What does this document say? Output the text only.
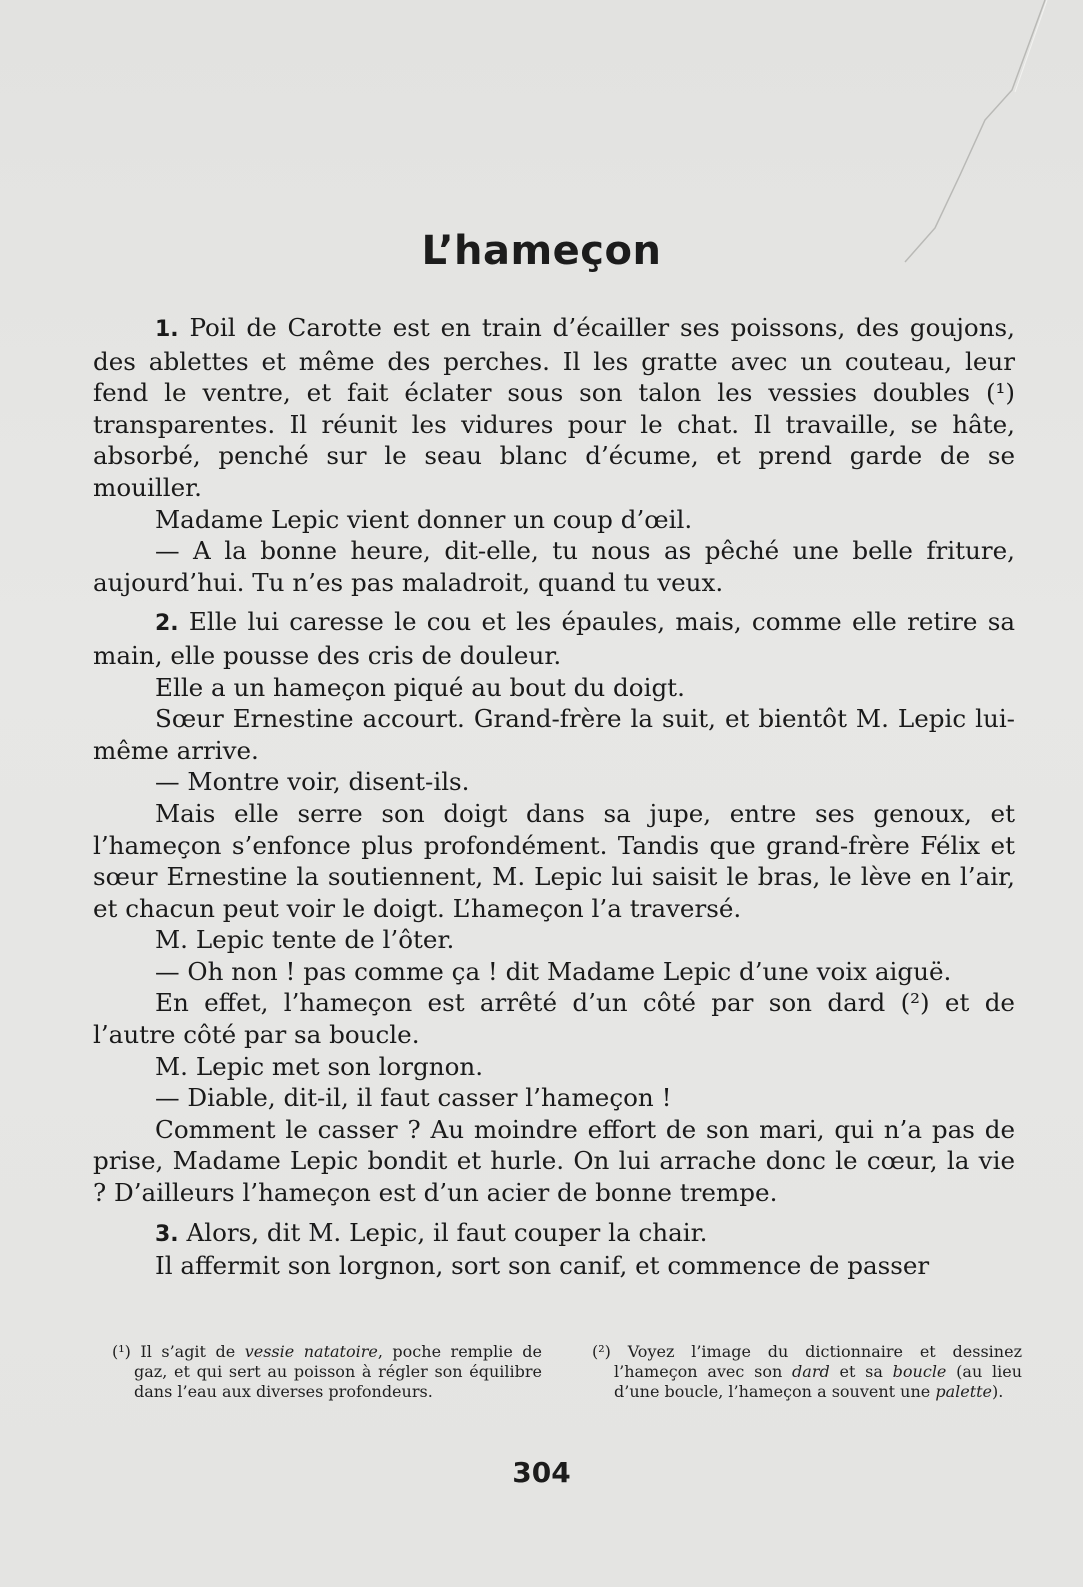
L’hameçon

1. Poil de Carotte est en train d’écailler ses poissons, des goujons, des ablettes et même des perches. Il les gratte avec un couteau, leur fend le ventre, et fait éclater sous son talon les vessies doubles (¹) transparentes. Il réunit les vidures pour le chat. Il travaille, se hâte, absorbé, penché sur le seau blanc d’écume, et prend garde de se mouiller.

Madame Lepic vient donner un coup d’œil.

— A la bonne heure, dit-elle, tu nous as pêché une belle friture, aujourd’hui. Tu n’es pas maladroit, quand tu veux.

2. Elle lui caresse le cou et les épaules, mais, comme elle retire sa main, elle pousse des cris de douleur.

Elle a un hameçon piqué au bout du doigt.

Sœur Ernestine accourt. Grand-frère la suit, et bientôt M. Lepic lui-même arrive.

— Montre voir, disent-ils.

Mais elle serre son doigt dans sa jupe, entre ses genoux, et l’hameçon s’enfonce plus profondément. Tandis que grand-frère Félix et sœur Ernestine la soutiennent, M. Lepic lui saisit le bras, le lève en l’air, et chacun peut voir le doigt. L’hameçon l’a traversé.

M. Lepic tente de l’ôter.

— Oh non ! pas comme ça ! dit Madame Lepic d’une voix aiguë.

En effet, l’hameçon est arrêté d’un côté par son dard (²) et de l’autre côté par sa boucle.

M. Lepic met son lorgnon.

— Diable, dit-il, il faut casser l’hameçon !

Comment le casser ? Au moindre effort de son mari, qui n’a pas de prise, Madame Lepic bondit et hurle. On lui arrache donc le cœur, la vie ? D’ailleurs l’hameçon est d’un acier de bonne trempe.

3. Alors, dit M. Lepic, il faut couper la chair.

Il affermit son lorgnon, sort son canif, et commence de passer

(¹) Il s’agit de vessie natatoire, poche remplie de gaz, et qui sert au poisson à régler son équilibre dans l’eau aux diverses profondeurs.
(²) Voyez l’image du dictionnaire et dessinez l’hameçon avec son dard et sa boucle (au lieu d’une boucle, l’hameçon a souvent une palette).
304
